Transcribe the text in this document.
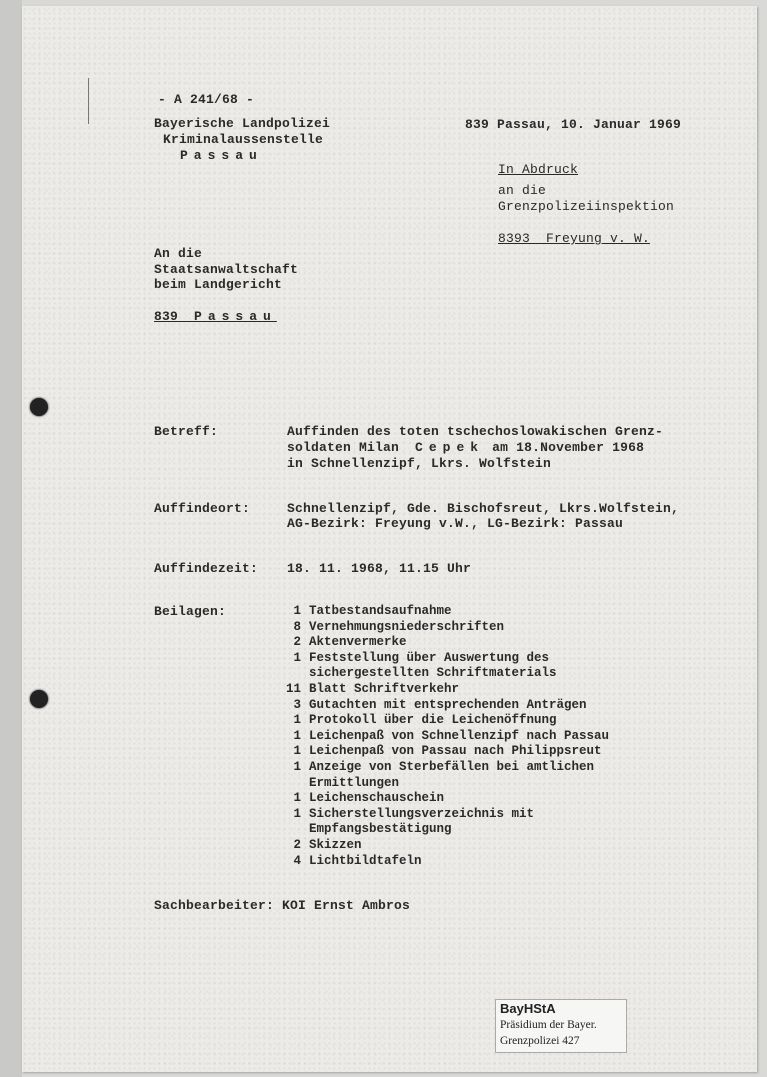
- A 241/68 -
Bayerische Landpolizei
Kriminalaussenstelle
Passau
839 Passau, 10. Januar 1969
In Abdruck
an die
Grenzpolizeiinspektion
8393  Freyung v. W.
An die
Staatsanwaltschaft
beim Landgericht
839 Passau
Betreff:	Auffinden des toten tschechoslowakischen Grenz-
soldaten Milan Cepek am 18.November 1968
in Schnellenzipf, Lkrs. Wolfstein
Auffindeort:	Schnellenzipf, Gde. Bischofsreut, Lkrs.Wolfstein,
AG-Bezirk: Freyung v.W., LG-Bezirk: Passau
Auffindezeit: 18. 11. 1968, 11.15 Uhr
Beilagen:	1 Tatbestandsaufnahme
8 Vernehmungsniederschriften
2 Aktenvermerke
1 Feststellung über Auswertung des
sichergestellten Schriftmaterials
11 Blatt Schriftverkehr
3 Gutachten mit entsprechenden Anträgen
1 Protokoll über die Leichenöffnung
1 Leichenpaß von Schnellenzipf nach Passau
1 Leichenpaß von Passau nach Philippsreut
1 Anzeige von Sterbefällen bei amtlichen
Ermittlungen
1 Leichenschauschein
1 Sicherstellungsverzeichnis mit
Empfangsbestätigung
2 Skizzen
4 Lichtbildtafeln
Sachbearbeiter: KOI Ernst Ambros
BayHStA
Präsidium der Bayer.
Grenzpolizei 427
